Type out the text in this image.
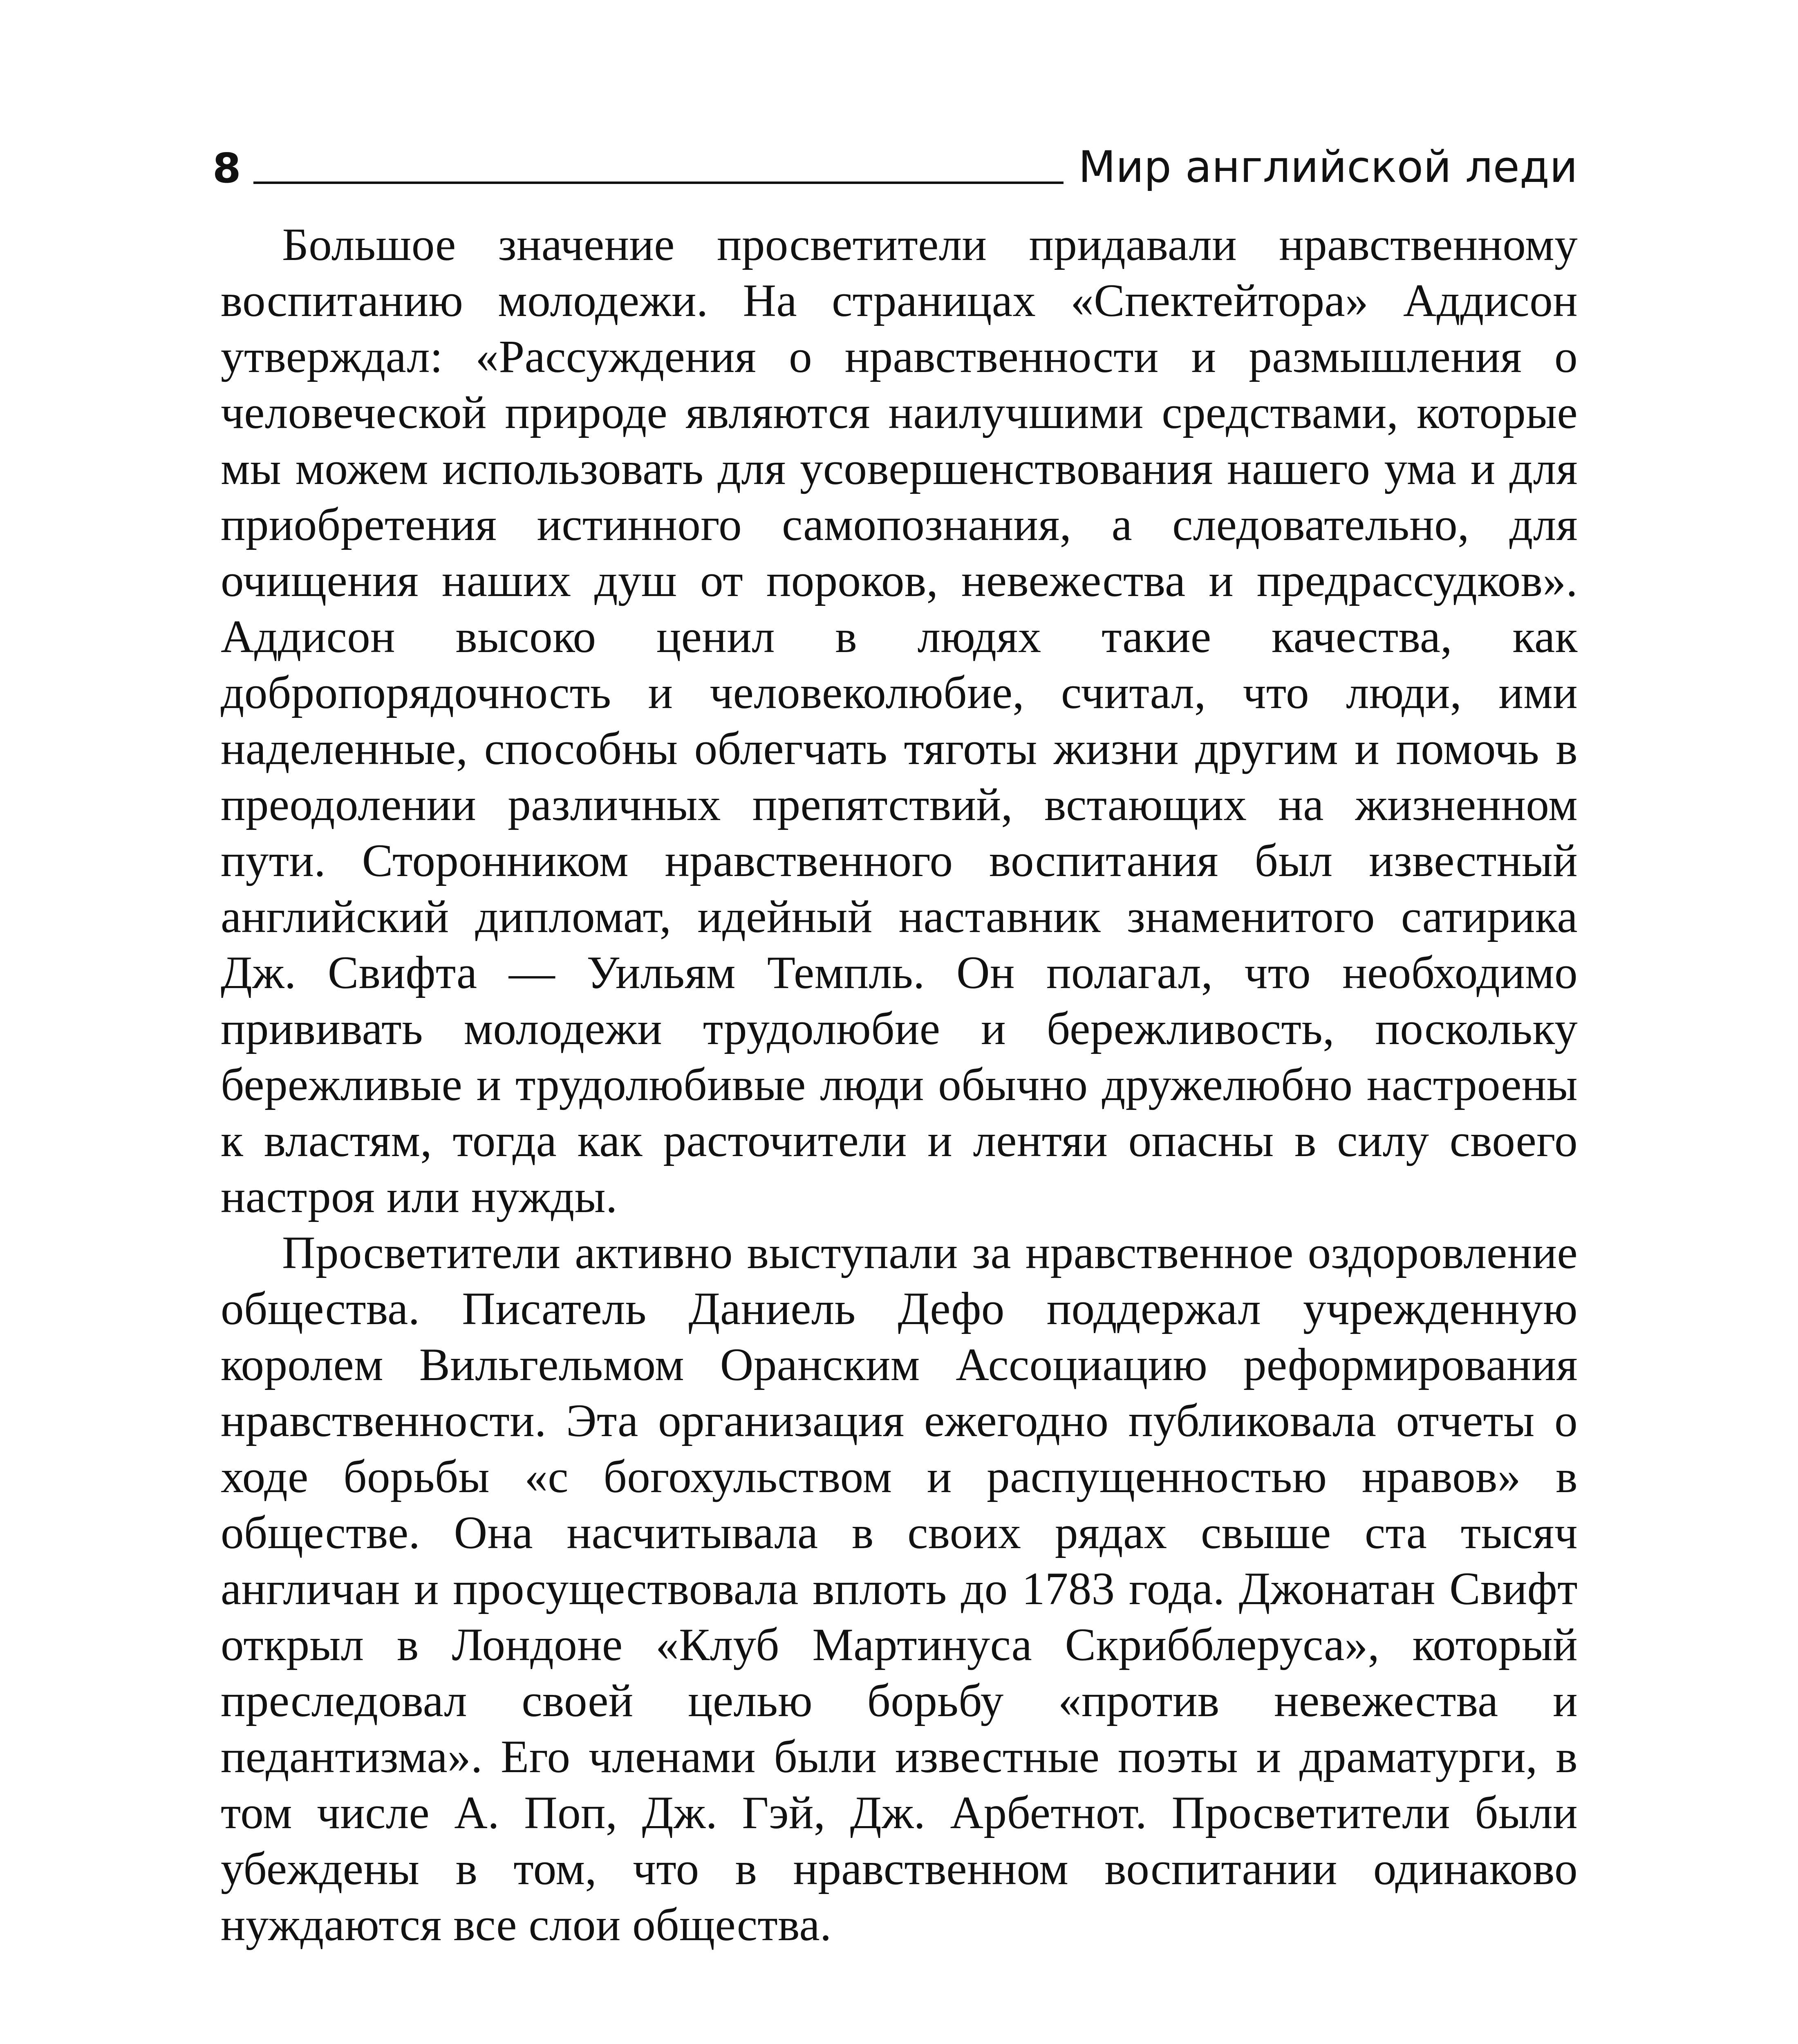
8	Мир английской леди

Большое значение просветители придавали нравственному воспитанию молодежи. На страницах «Спектейтора» Аддисон утверждал: «Рассуждения о нравственности и размышления о человеческой природе являются наилучшими средствами, которые мы можем использовать для усовершенствования нашего ума и для приобретения истинного самопознания, а следовательно, для очищения наших душ от пороков, невежества и предрассудков». Аддисон высоко ценил в людях такие качества, как добропорядочность и человеколюбие, считал, что люди, ими наделенные, способны облегчать тяготы жизни другим и помочь в преодолении различных препятствий, встающих на жизненном пути. Сторонником нравственного воспитания был известный английский дипломат, идейный наставник знаменитого сатирика Дж. Свифта — Уильям Темпль. Он полагал, что необходимо прививать молодежи трудолюбие и бережливость, поскольку бережливые и трудолюбивые люди обычно дружелюбно настроены к властям, тогда как расточители и лентяи опасны в силу своего настроя или нужды.

Просветители активно выступали за нравственное оздоровление общества. Писатель Даниель Дефо поддержал учрежденную королем Вильгельмом Оранским Ассоциацию реформирования нравственности. Эта организация ежегодно публиковала отчеты о ходе борьбы «с богохульством и распущенностью нравов» в обществе. Она насчитывала в своих рядах свыше ста тысяч англичан и просуществовала вплоть до 1783 года. Джонатан Свифт открыл в Лондоне «Клуб Мартинуса Скрибблеруса», который преследовал своей целью борьбу «против невежества и педантизма». Его членами были известные поэты и драматурги, в том числе А. Поп, Дж. Гэй, Дж. Арбетнот. Просветители были убеждены в том, что в нравственном воспитании одинаково нуждаются все слои общества.
